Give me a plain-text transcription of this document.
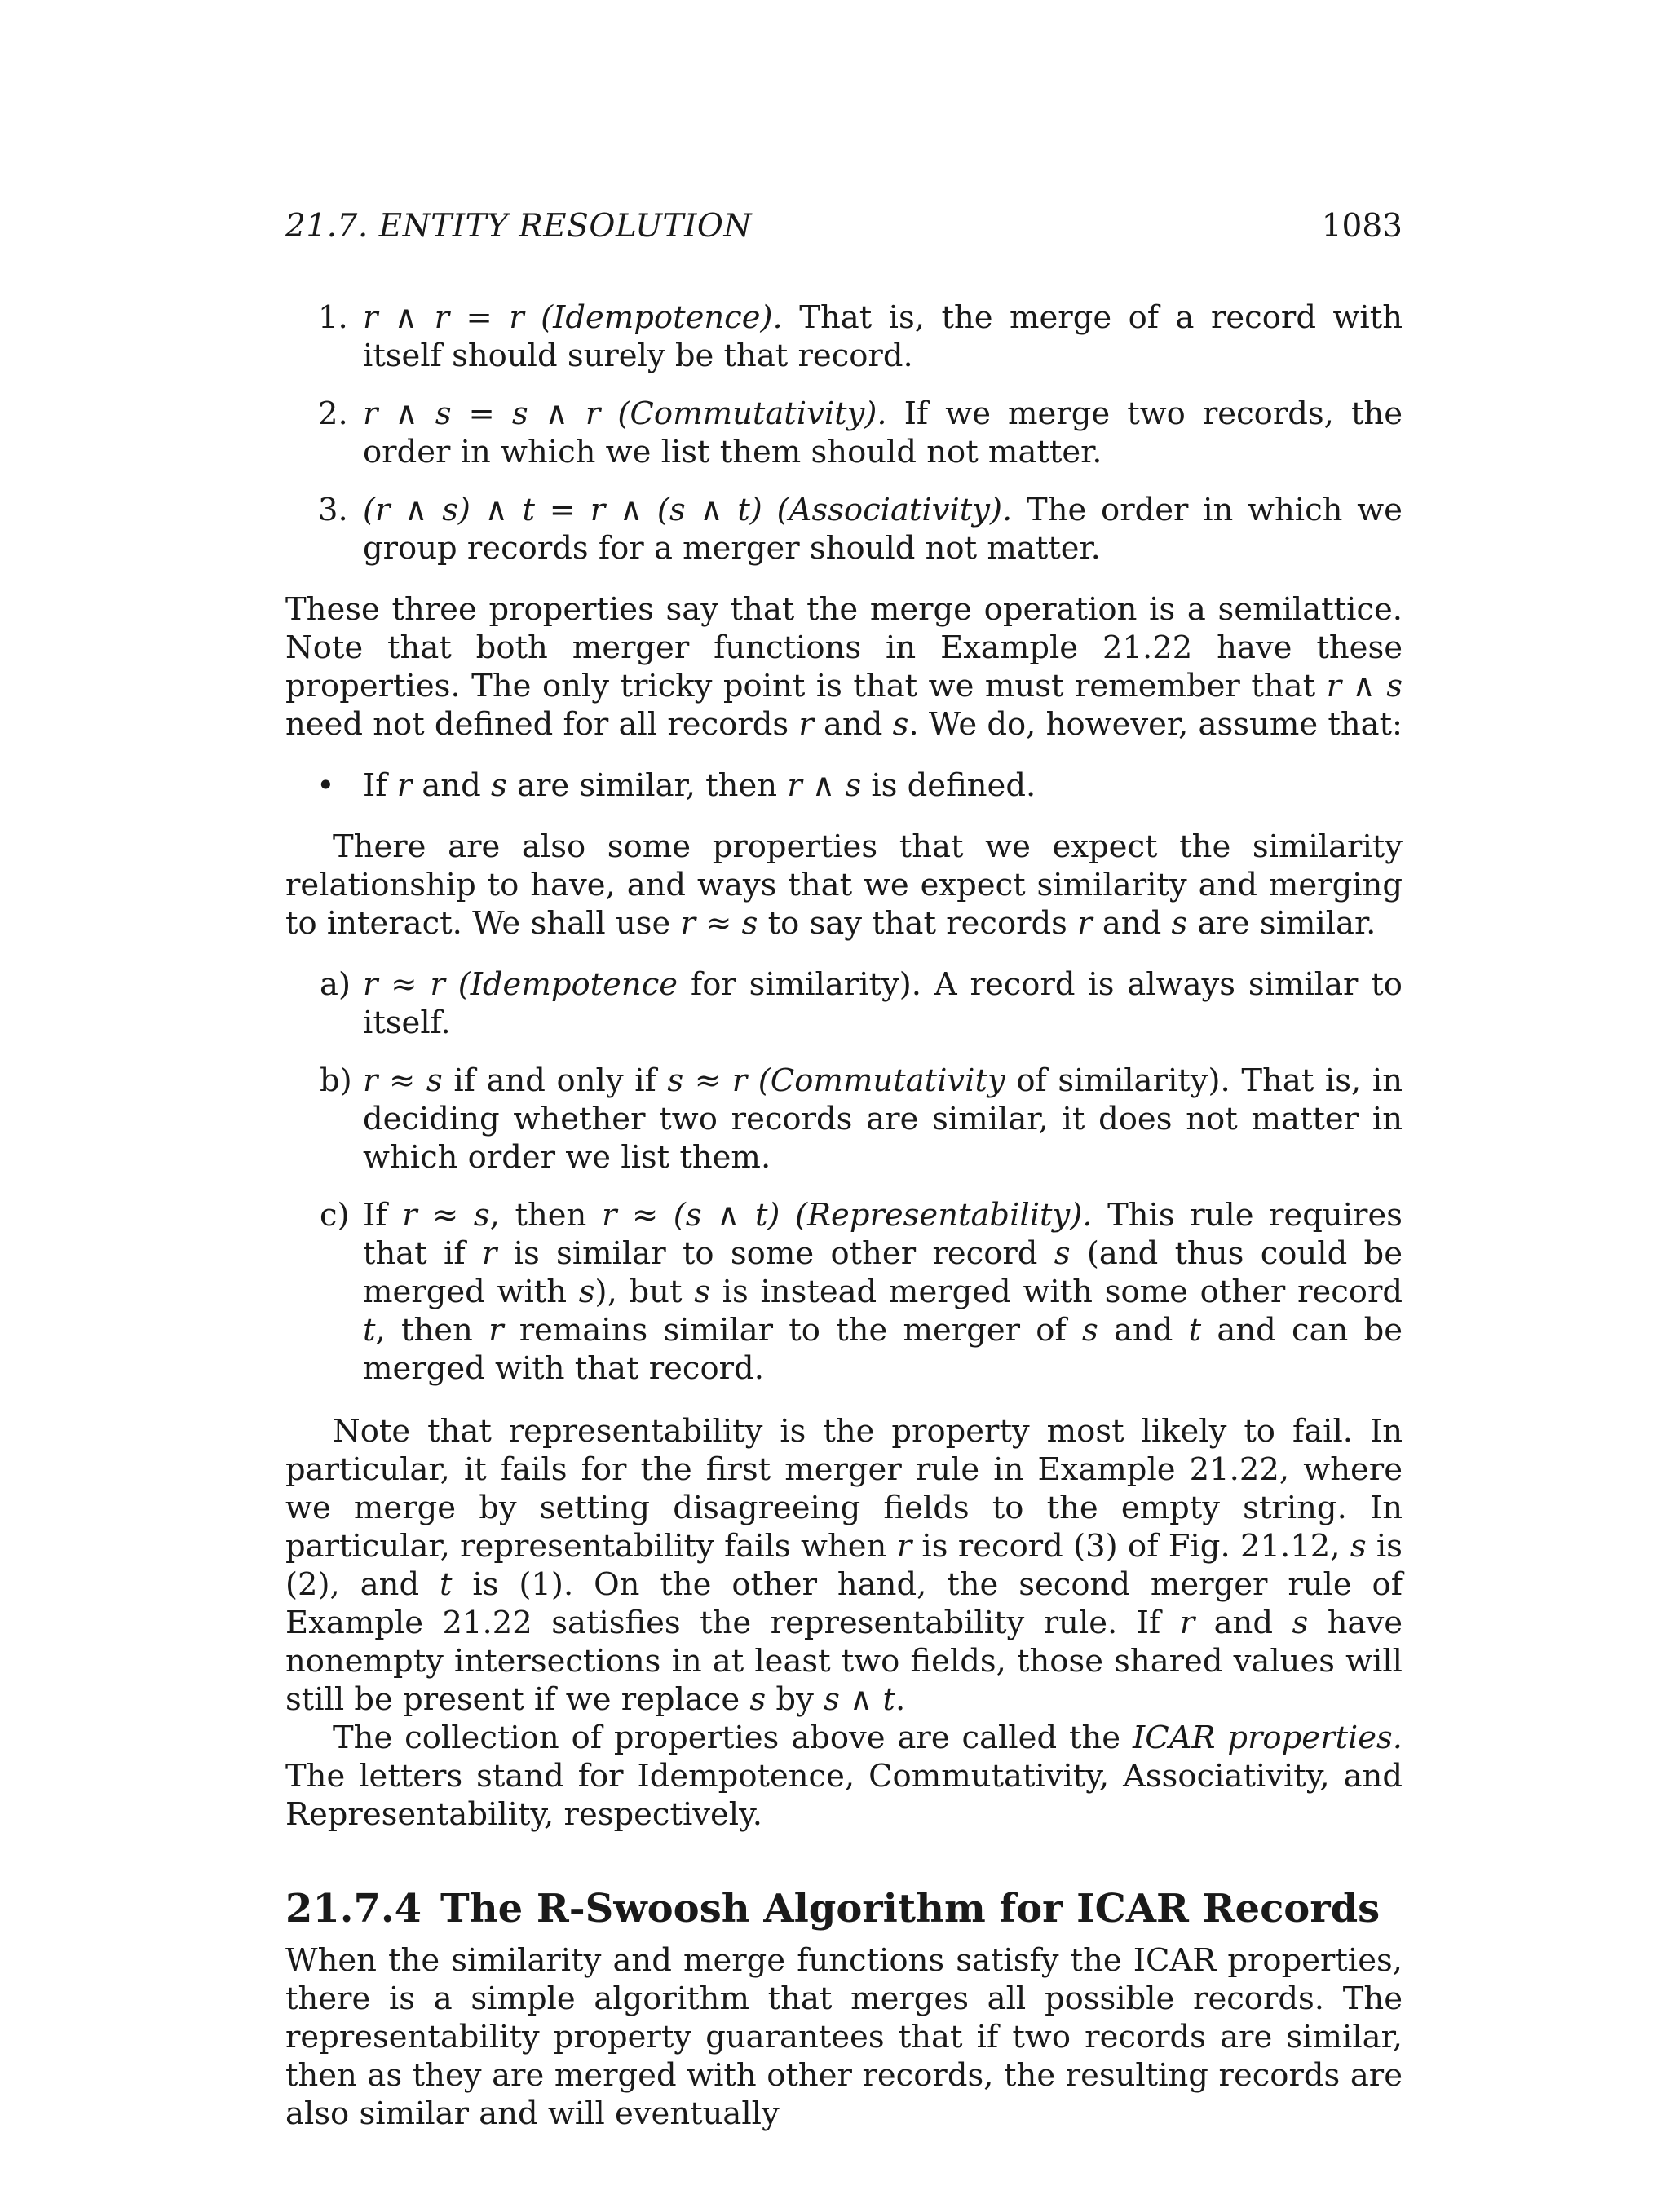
21.7. ENTITY RESOLUTION	1083
1. r ∧ r = r (Idempotence). That is, the merge of a record with itself should surely be that record.

2. r ∧ s = s ∧ r (Commutativity). If we merge two records, the order in which we list them should not matter.

3. (r ∧ s) ∧ t = r ∧ (s ∧ t) (Associativity). The order in which we group records for a merger should not matter.

These three properties say that the merge operation is a semilattice. Note that both merger functions in Example 21.22 have these properties. The only tricky point is that we must remember that r ∧ s need not defined for all records r and s. We do, however, assume that:

• If r and s are similar, then r ∧ s is defined.

There are also some properties that we expect the similarity relationship to have, and ways that we expect similarity and merging to interact. We shall use r ≈ s to say that records r and s are similar.

a) r ≈ r (Idempotence for similarity). A record is always similar to itself.

b) r ≈ s if and only if s ≈ r (Commutativity of similarity). That is, in deciding whether two records are similar, it does not matter in which order we list them.

c) If r ≈ s, then r ≈ (s ∧ t) (Representability). This rule requires that if r is similar to some other record s (and thus could be merged with s), but s is instead merged with some other record t, then r remains similar to the merger of s and t and can be merged with that record.

Note that representability is the property most likely to fail. In particular, it fails for the first merger rule in Example 21.22, where we merge by setting disagreeing fields to the empty string. In particular, representability fails when r is record (3) of Fig. 21.12, s is (2), and t is (1). On the other hand, the second merger rule of Example 21.22 satisfies the representability rule. If r and s have nonempty intersections in at least two fields, those shared values will still be present if we replace s by s ∧ t.

The collection of properties above are called the ICAR properties. The letters stand for Idempotence, Commutativity, Associativity, and Representability, respectively.

21.7.4 The R-Swoosh Algorithm for ICAR Records

When the similarity and merge functions satisfy the ICAR properties, there is a simple algorithm that merges all possible records. The representability property guarantees that if two records are similar, then as they are merged with other records, the resulting records are also similar and will eventually
